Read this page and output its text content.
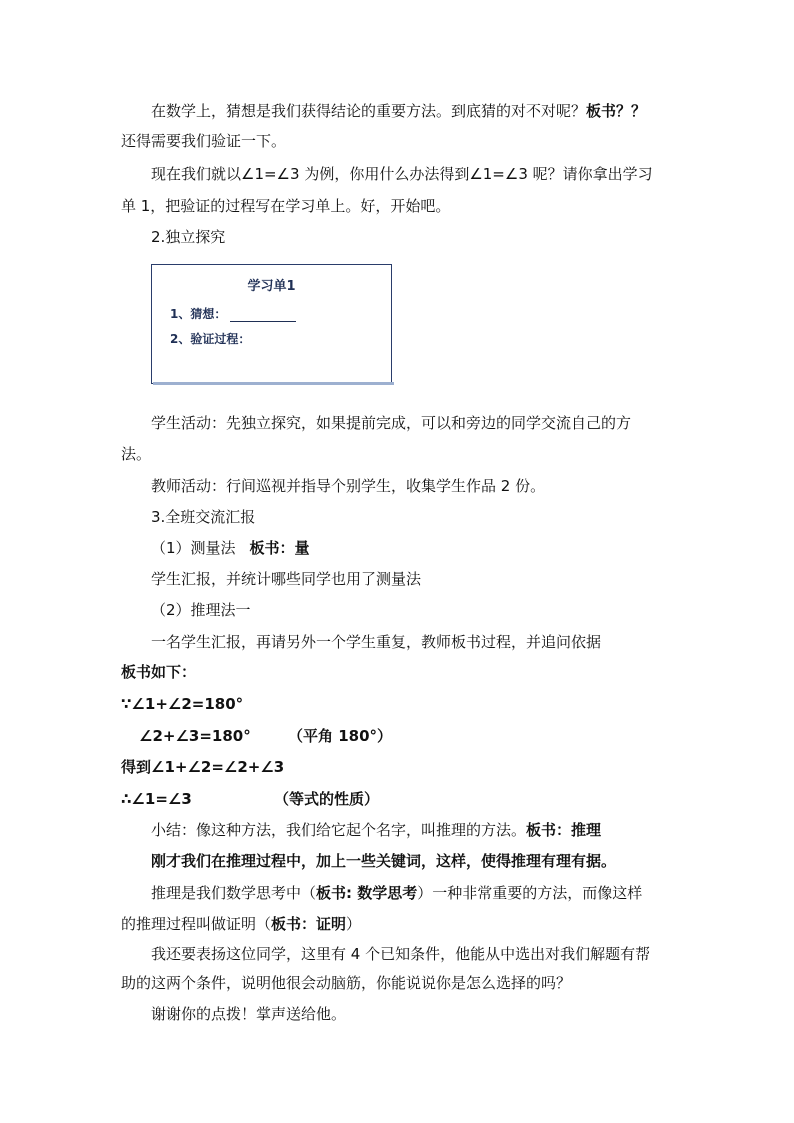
在数学上，猜想是我们获得结论的重要方法。到底猜的对不对呢？板书？？
还得需要我们验证一下。
现在我们就以∠1=∠3 为例，你用什么办法得到∠1=∠3 呢？请你拿出学习
单 1，把验证的过程写在学习单上。好，开始吧。
2.独立探究
学习单1
1、猜想：
2、验证过程：
学生活动：先独立探究，如果提前完成，可以和旁边的同学交流自己的方
法。
教师活动：行间巡视并指导个别学生，收集学生作品 2 份。
3.全班交流汇报
（1）测量法 板书：量
学生汇报，并统计哪些同学也用了测量法
（2）推理法一
一名学生汇报，再请另外一个学生重复，教师板书过程，并追问依据
板书如下：
∵∠1+∠2=180°
∠2+∠3=180° （平角 180°）
得到∠1+∠2=∠2+∠3
∴∠1=∠3	（等式的性质）
小结：像这种方法，我们给它起个名字，叫推理的方法。板书：推理
刚才我们在推理过程中，加上一些关键词，这样，使得推理有理有据。
推理是我们数学思考中（板书: 数学思考）一种非常重要的方法，而像这样
的推理过程叫做证明（板书：证明）
我还要表扬这位同学，这里有 4 个已知条件，他能从中选出对我们解题有帮
助的这两个条件，说明他很会动脑筋，你能说说你是怎么选择的吗？
谢谢你的点拨！掌声送给他。
